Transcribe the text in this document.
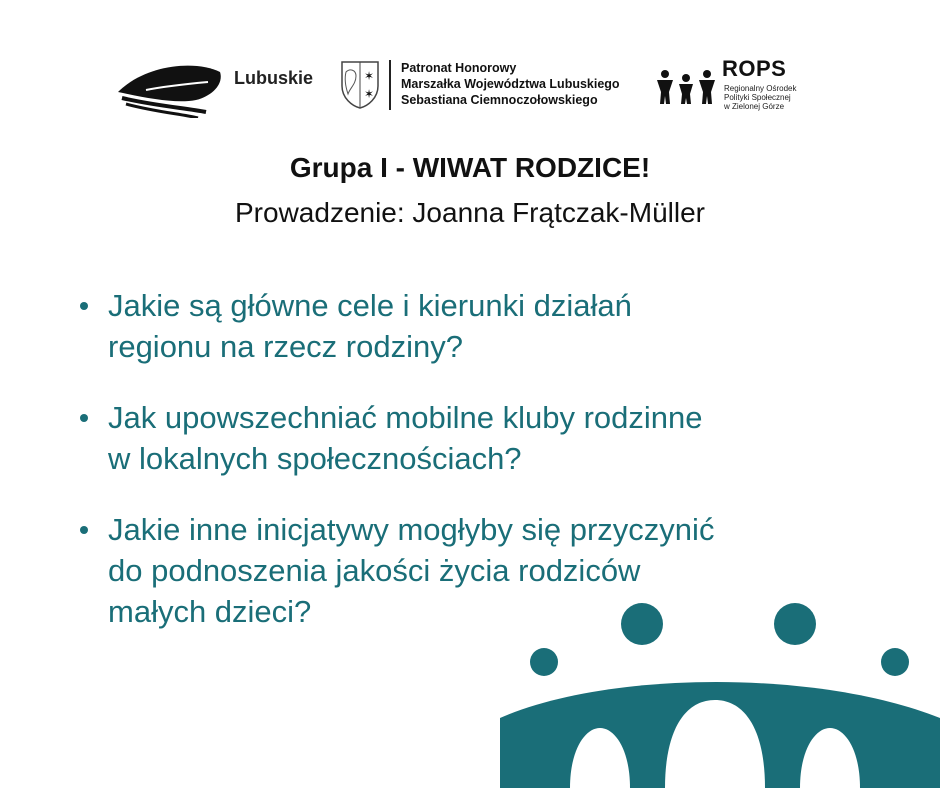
Lubuskie	✶
✶
Patronat Honorowy
Marszałka Województwa Lubuskiego
Sebastiana Ciemnoczołowskiego
ROPS
Regionalny Ośrodek
Polityki Społecznej
w Zielonej Górze
Grupa I - WIWAT RODZICE!
Prowadzenie: Joanna Frątczak-Müller
Jakie są główne cele i kierunki działań
regionu na rzecz rodziny?
Jak upowszechniać mobilne kluby rodzinne
w lokalnych społecznościach?
Jakie inne inicjatywy mogłyby się przyczynić
do podnoszenia jakości życia rodziców
małych dzieci?
